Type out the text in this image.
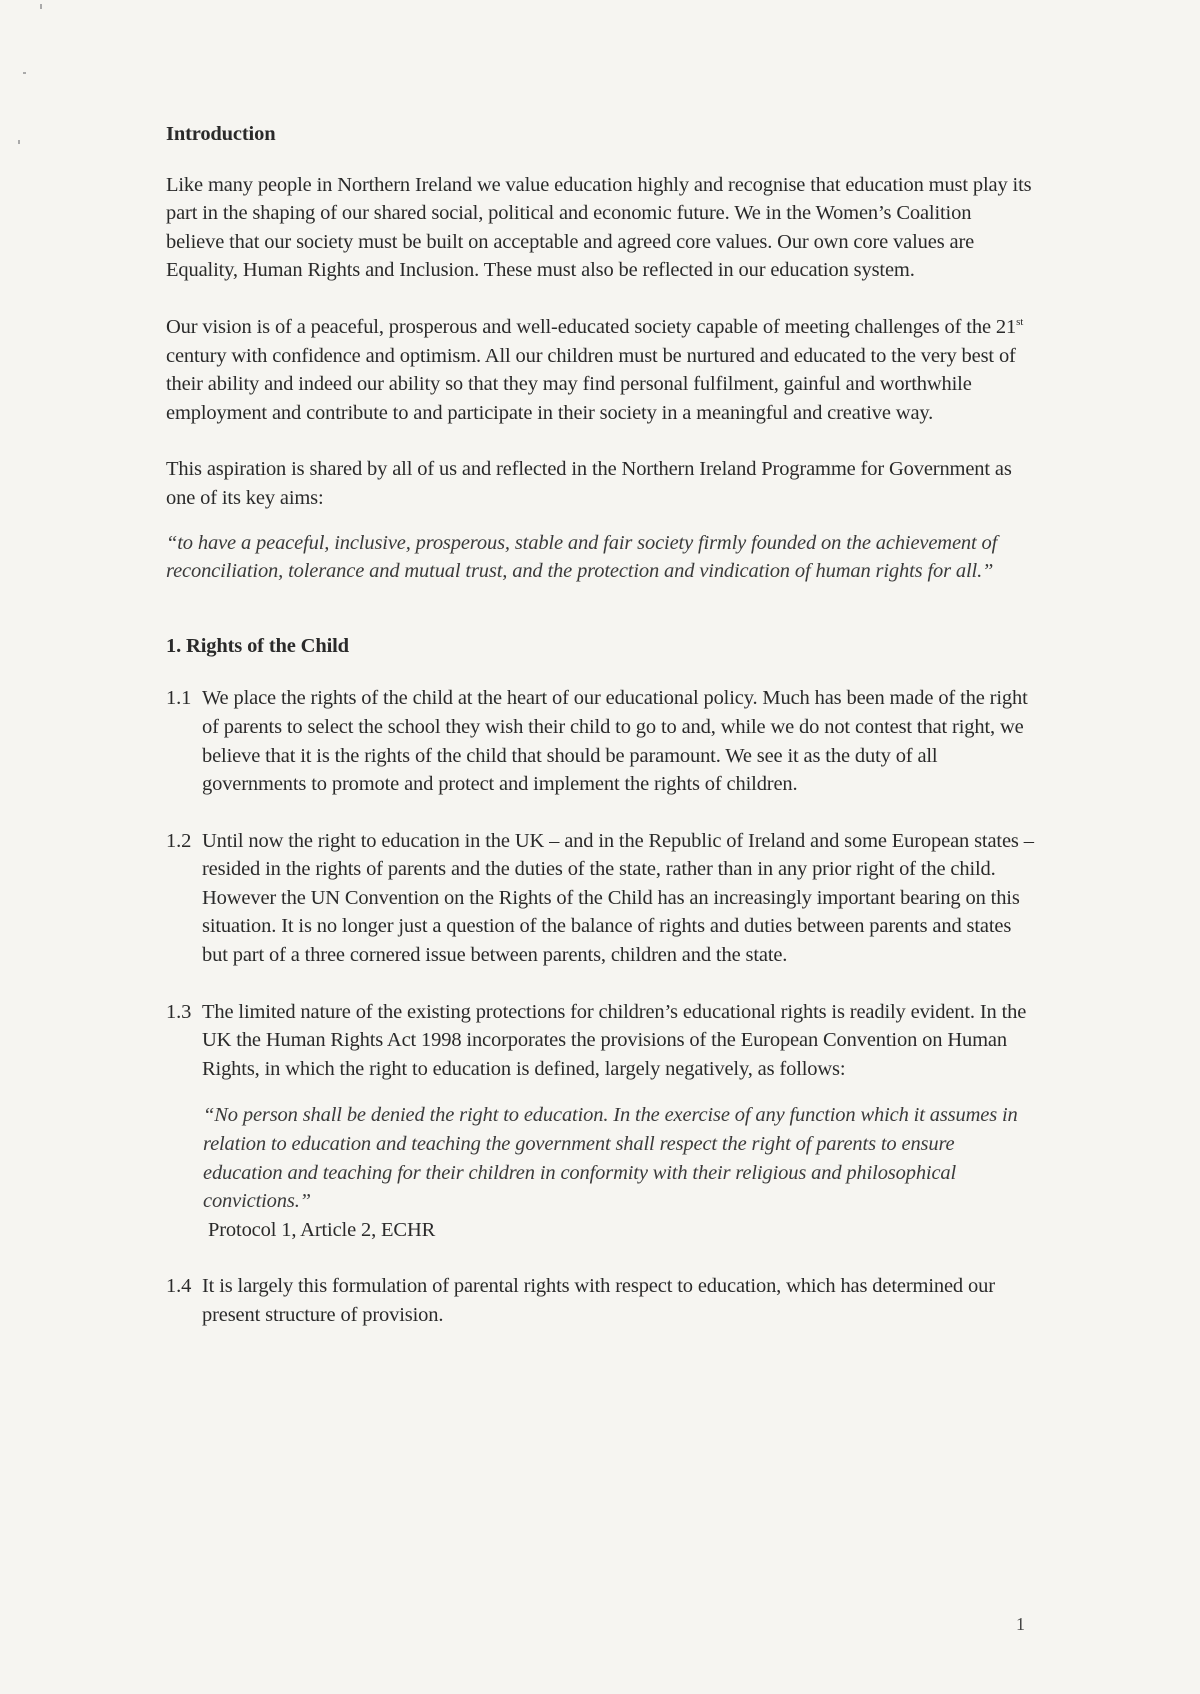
Introduction

Like many people in Northern Ireland we value education highly and recognise that education must play its part in the shaping of our shared social, political and economic future. We in the Women’s Coalition believe that our society must be built on acceptable and agreed core values. Our own core values are Equality, Human Rights and Inclusion. These must also be reflected in our education system.

Our vision is of a peaceful, prosperous and well-educated society capable of meeting challenges of the 21st century with confidence and optimism. All our children must be nurtured and educated to the very best of their ability and indeed our ability so that they may find personal fulfilment, gainful and worthwhile employment and contribute to and participate in their society in a meaningful and creative way.

This aspiration is shared by all of us and reflected in the Northern Ireland Programme for Government as one of its key aims:

“to have a peaceful, inclusive, prosperous, stable and fair society firmly founded on the achievement of reconciliation, tolerance and mutual trust, and the protection and vindication of human rights for all.”

1. Rights of the Child

1.1 We place the rights of the child at the heart of our educational policy. Much has been made of the right of parents to select the school they wish their child to go to and, while we do not contest that right, we believe that it is the rights of the child that should be paramount. We see it as the duty of all governments to promote and protect and implement the rights of children.

1.2 Until now the right to education in the UK – and in the Republic of Ireland and some European states – resided in the rights of parents and the duties of the state, rather than in any prior right of the child. However the UN Convention on the Rights of the Child has an increasingly important bearing on this situation. It is no longer just a question of the balance of rights and duties between parents and states but part of a three cornered issue between parents, children and the state.

1.3 The limited nature of the existing protections for children’s educational rights is readily evident. In the UK the Human Rights Act 1998 incorporates the provisions of the European Convention on Human Rights, in which the right to education is defined, largely negatively, as follows:

“No person shall be denied the right to education. In the exercise of any function which it assumes in relation to education and teaching the government shall respect the right of parents to ensure education and teaching for their children in conformity with their religious and philosophical convictions.”

Protocol 1, Article 2, ECHR

1.4 It is largely this formulation of parental rights with respect to education, which has determined our present structure of provision.

1
